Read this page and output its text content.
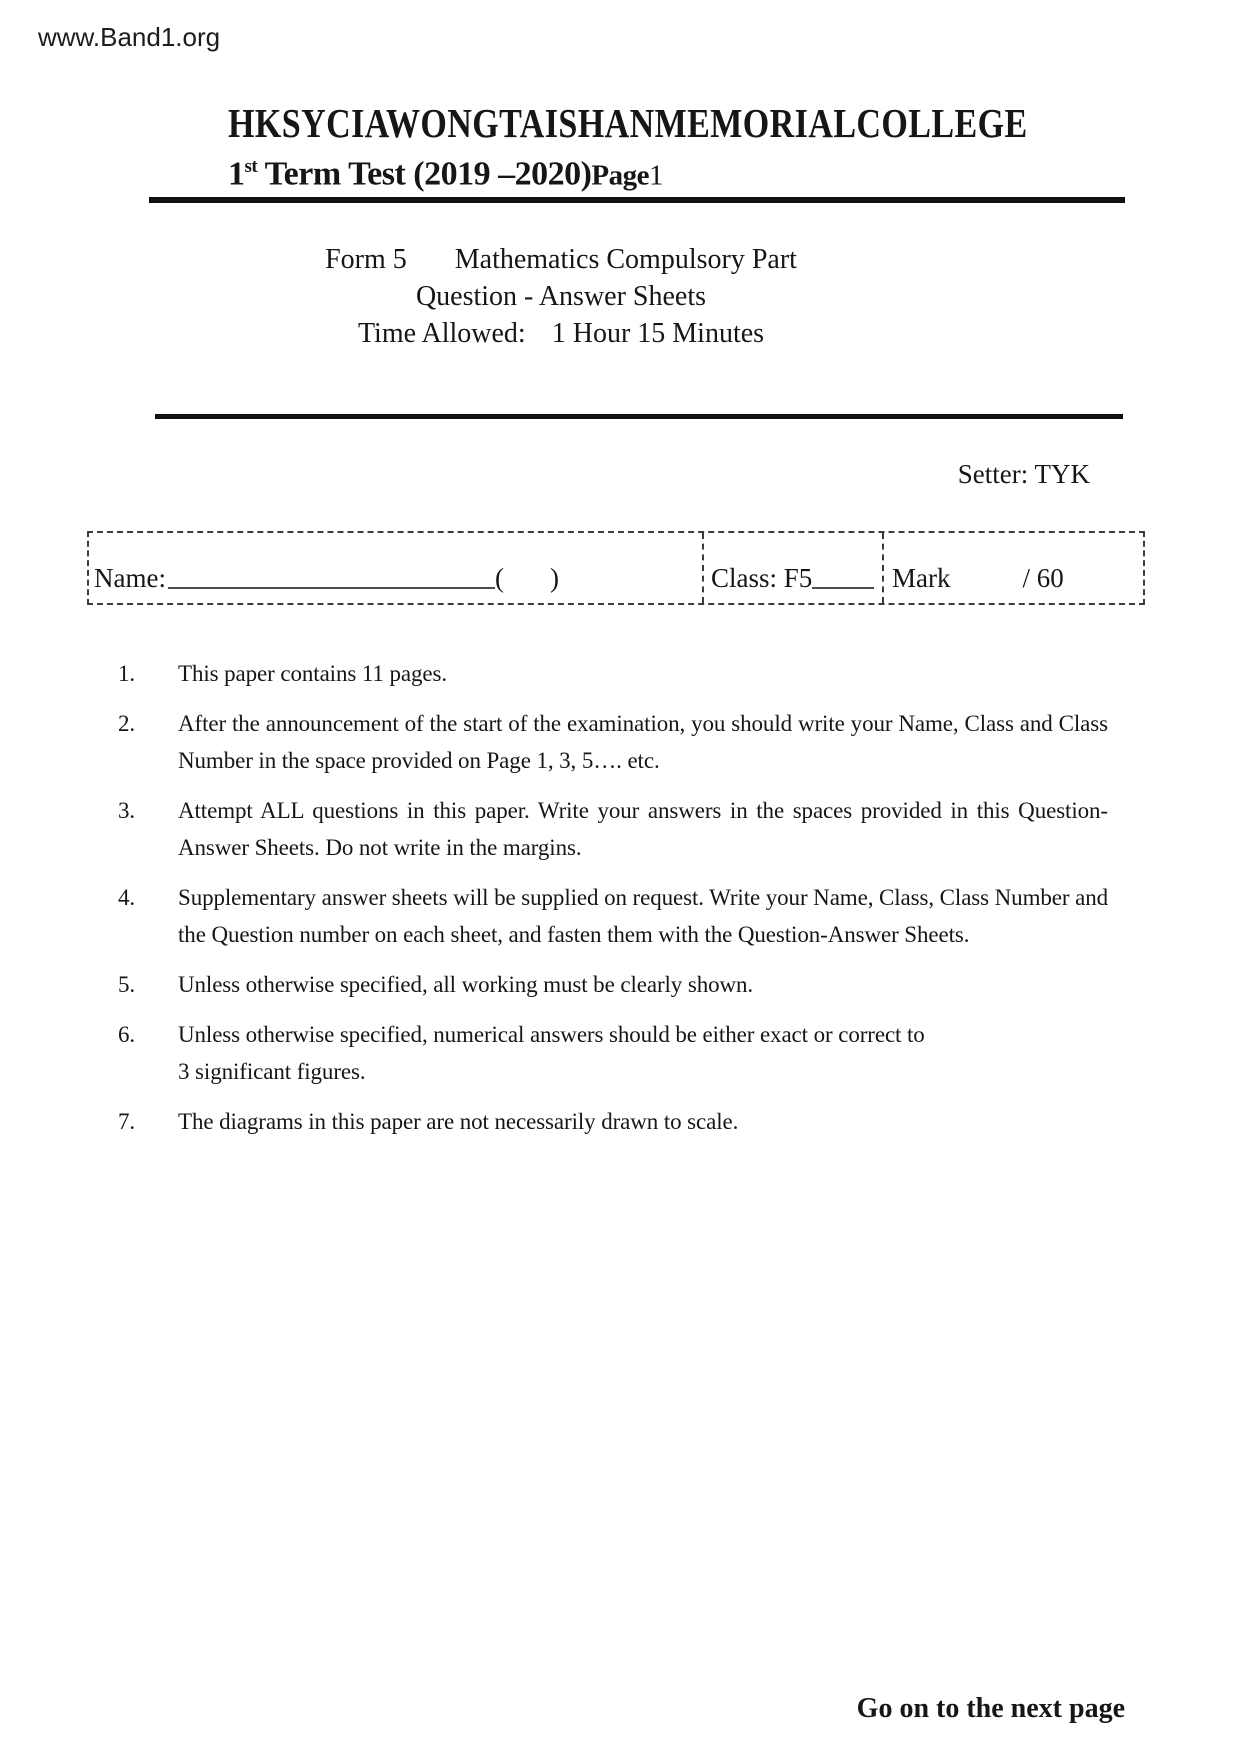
www.Band1.org
HKSYCIAWONGTAISHANMEMORIALCOLLEGE
1st Term Test (2019 –2020)Page1
Form 5 Mathematics Compulsory Part
Question - Answer Sheets
Time Allowed: 1 Hour 15 Minutes
Setter: TYK
Name:	( )	Class: F5	Mark	/ 60
1.	This paper contains 11 pages.
2.	After the announcement of the start of the examination, you should write your Name, Class and Class Number in the space provided on Page 1, 3, 5…. etc.
3.	Attempt ALL questions in this paper. Write your answers in the spaces provided in this Question- Answer Sheets. Do not write in the margins.
4.	Supplementary answer sheets will be supplied on request. Write your Name, Class, Class Number and the Question number on each sheet, and fasten them with the Question-Answer Sheets.
5.	Unless otherwise specified, all working must be clearly shown.
6.	Unless otherwise specified, numerical answers should be either exact or correct to
3 significant figures.
7.	The diagrams in this paper are not necessarily drawn to scale.
Go on to the next page
